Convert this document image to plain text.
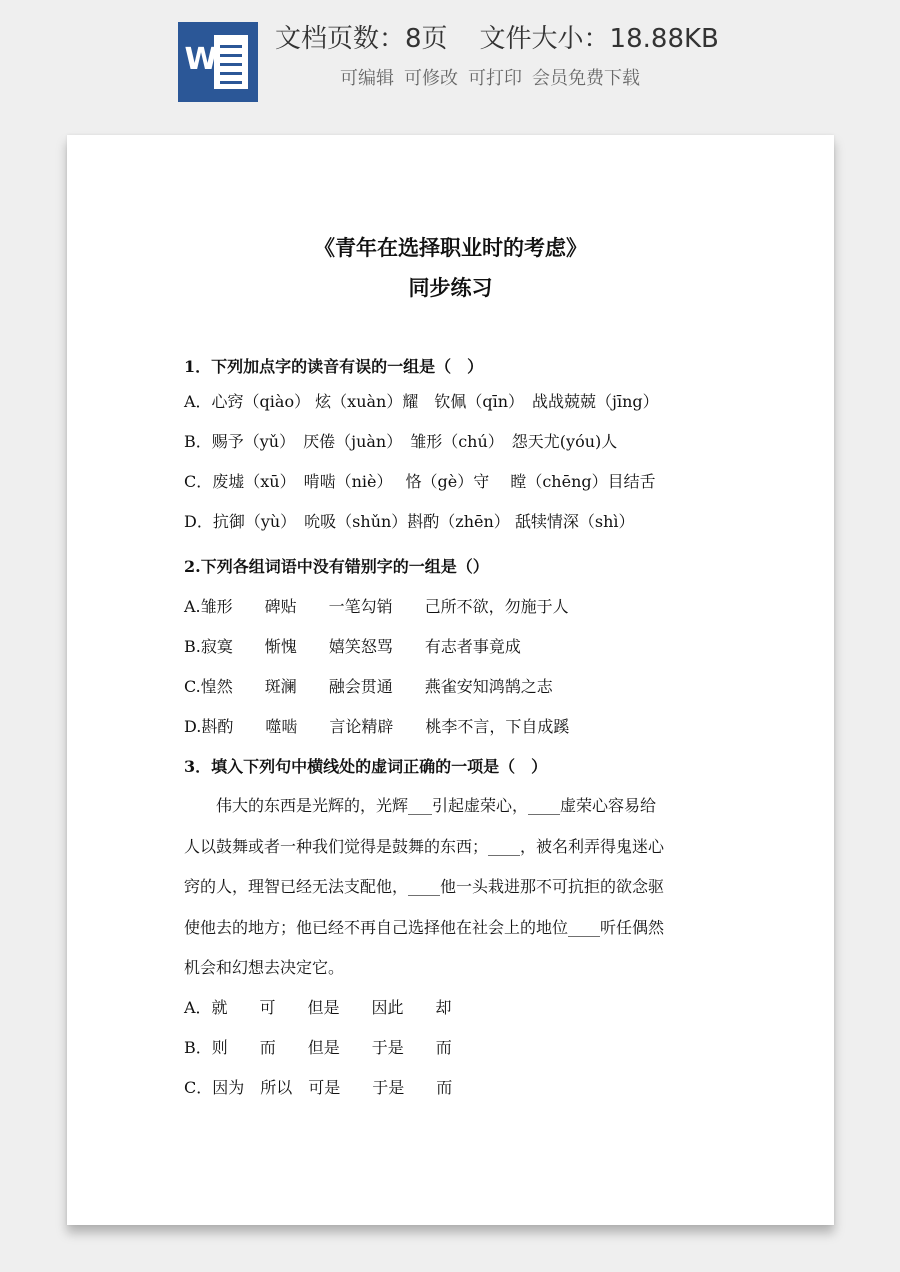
W
文档页数：8页 文件大小：18.88KB
可编辑 可修改 可打印 会员免费下载
《青年在选择职业时的考虑》
同步练习
1．下列加点字的读音有误的一组是（　）
A．心窍（qiào） 炫（xuàn）耀　钦佩（qīn）　战战兢兢（jīng）
B．赐予（yǔ）　厌倦（juàn）　雏形（chú）　怨天尤(yóu)人
C．废墟（xū）　啃啮（niè）　 恪（gè）守　 瞠（chēng）目结舌
D．抗御（yù）　吮吸（shǔn）斟酌（zhēn） 舐犊情深（shì）
2.下列各组词语中没有错别字的一组是（）
A.雏形　　碑贴　　一笔勾销　　己所不欲，勿施于人
B.寂寞　　惭愧　　嬉笑怒骂　　有志者事竟成
C.惶然　　斑澜　　融会贯通　　燕雀安知鸿鹄之志
D.斟酌　　噬啮　　言论精辟　　桃李不言，下自成蹊
3．填入下列句中横线处的虚词正确的一项是（　）
　　伟大的东西是光辉的，光辉___引起虚荣心，____虚荣心容易给
人以鼓舞或者一种我们觉得是鼓舞的东西；____，被名利弄得鬼迷心
窍的人，理智已经无法支配他，____他一头栽进那不可抗拒的欲念驱
使他去的地方；他已经不再自己选择他在社会上的地位____听任偶然
机会和幻想去决定它。
A．就　　可　　但是　　因此　　却
B．则　　而　　但是　　于是　　而
C．因为　所以　可是　　于是　　而
